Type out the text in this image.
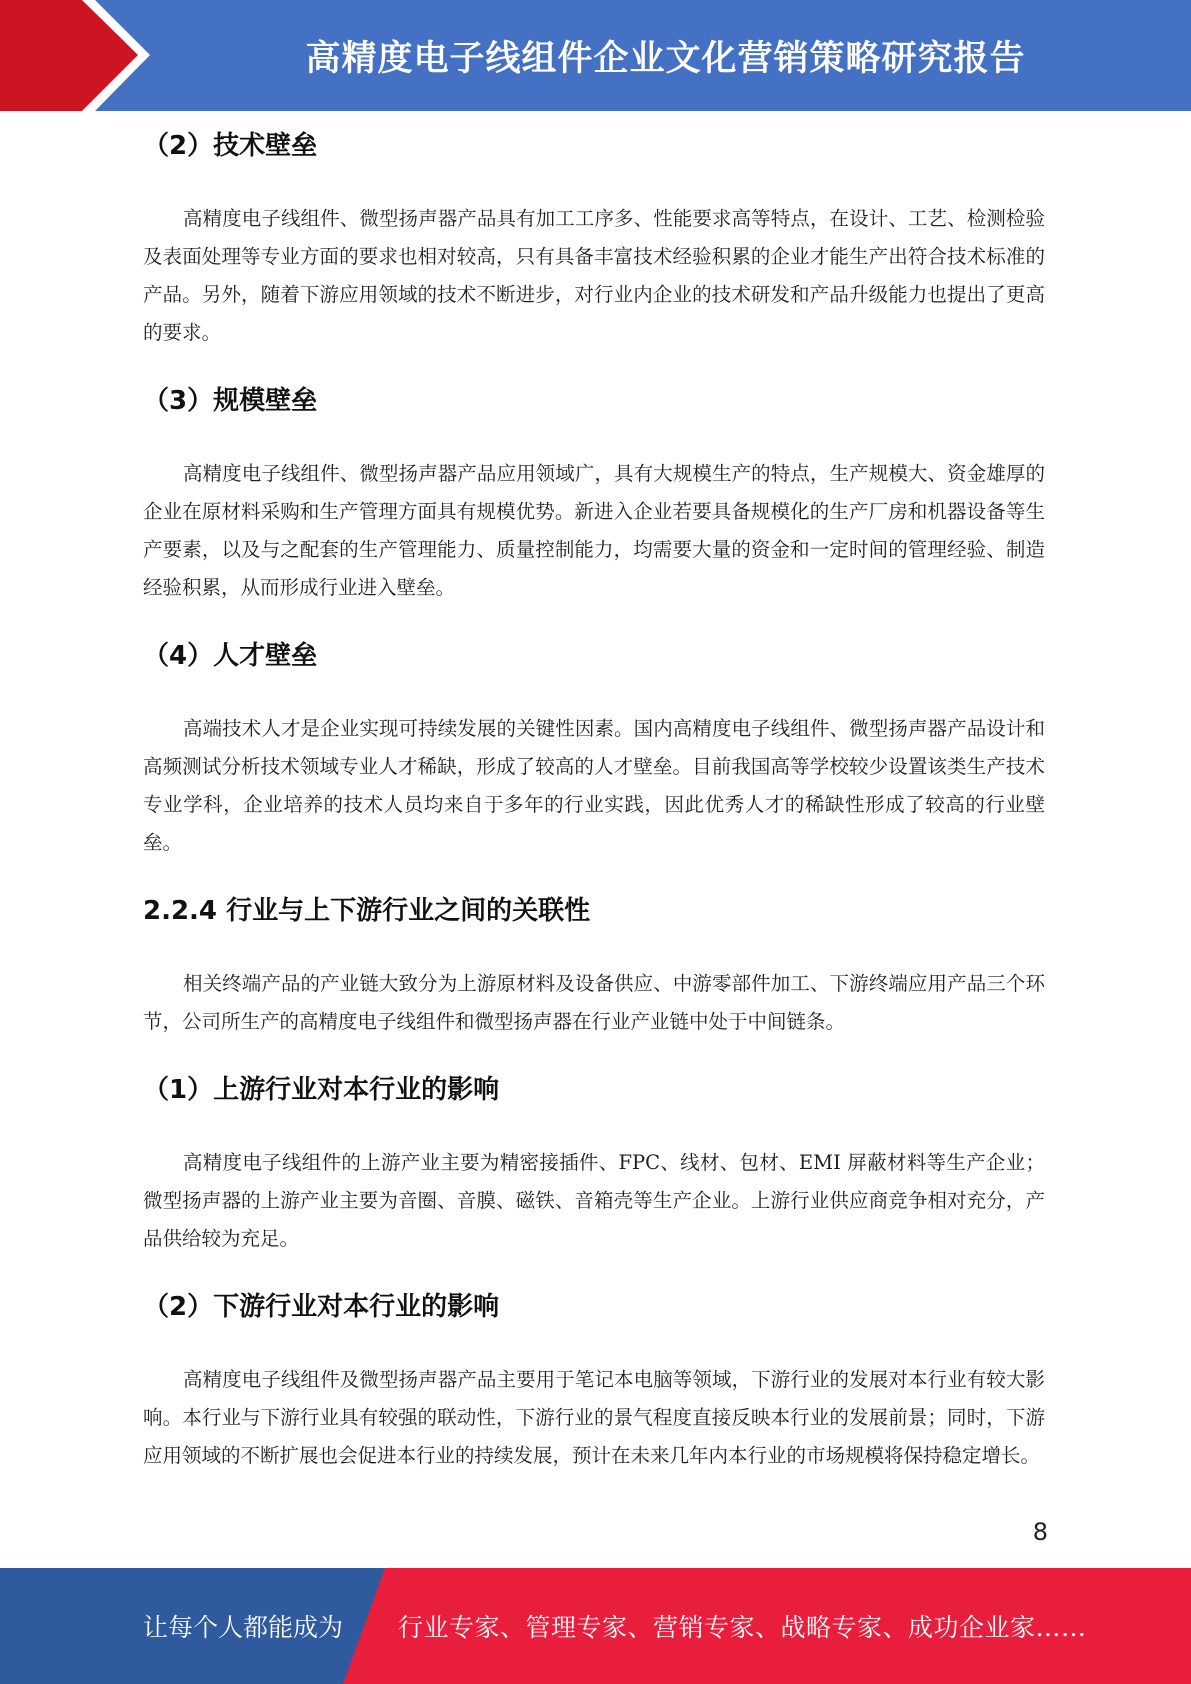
高精度电子线组件企业文化营销策略研究报告
（2）技术壁垒

高精度电子线组件、微型扬声器产品具有加工工序多、性能要求高等特点，在设计、工艺、检测检验及表面处理等专业方面的要求也相对较高，只有具备丰富技术经验积累的企业才能生产出符合技术标准的产品。另外，随着下游应用领域的技术不断进步，对行业内企业的技术研发和产品升级能力也提出了更高的要求。

（3）规模壁垒

高精度电子线组件、微型扬声器产品应用领域广，具有大规模生产的特点，生产规模大、资金雄厚的企业在原材料采购和生产管理方面具有规模优势。新进入企业若要具备规模化的生产厂房和机器设备等生产要素，以及与之配套的生产管理能力、质量控制能力，均需要大量的资金和一定时间的管理经验、制造经验积累，从而形成行业进入壁垒。

（4）人才壁垒

高端技术人才是企业实现可持续发展的关键性因素。国内高精度电子线组件、微型扬声器产品设计和高频测试分析技术领域专业人才稀缺，形成了较高的人才壁垒。目前我国高等学校较少设置该类生产技术专业学科，企业培养的技术人员均来自于多年的行业实践，因此优秀人才的稀缺性形成了较高的行业壁垒。

2.2.4 行业与上下游行业之间的关联性

相关终端产品的产业链大致分为上游原材料及设备供应、中游零部件加工、下游终端应用产品三个环节，公司所生产的高精度电子线组件和微型扬声器在行业产业链中处于中间链条。

（1）上游行业对本行业的影响

高精度电子线组件的上游产业主要为精密接插件、FPC、线材、包材、EMI 屏蔽材料等生产企业；微型扬声器的上游产业主要为音圈、音膜、磁铁、音箱壳等生产企业。上游行业供应商竞争相对充分，产品供给较为充足。

（2）下游行业对本行业的影响

高精度电子线组件及微型扬声器产品主要用于笔记本电脑等领域，下游行业的发展对本行业有较大影响。本行业与下游行业具有较强的联动性，下游行业的景气程度直接反映本行业的发展前景；同时，下游应用领域的不断扩展也会促进本行业的持续发展，预计在未来几年内本行业的市场规模将保持稳定增长。

8
让每个人都能成为 行业专家、管理专家、营销专家、战略专家、成功企业家……
